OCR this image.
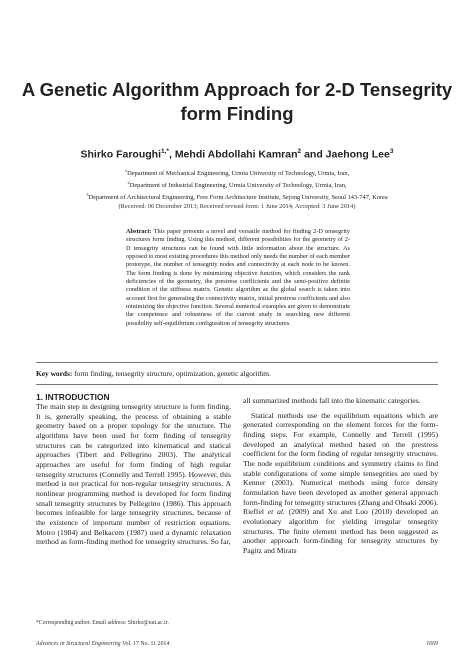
A Genetic Algorithm Approach for 2-D Tensegrity
form Finding
Shirko Faroughi$^{1,*}$, Mehdi Abdollahi Kamran$^2$ and Jaehong Lee$^3$
$^1$Department of Mechanical Engineering, Urmia University of Technology, Urmia, Iran,
$^2$Department of Industrial Engineering, Urmia University of Technology, Urmia, Iran,
$^3$Department of Architectural Engineering, Free Form Architecture Institute, Sejong University, Seoul 143-747, Korea
(Received: 06 December 2013; Received revised form: 1 June 2014; Accepted: 3 June 2014)
Abstract: This paper presents a novel and versatile method for finding 2-D tensegrity structures form finding. Using this method, different possibilities for the geometry of 2-D tensegrity structures can be found with little information about the structure. As opposed to most existing procedures this method only needs the number of each member prototype, the number of tensegrity nodes and connectivity at each node to be known. The form finding is done by minimizing objective function, which considers the rank deficiencies of the geometry, the prestress coefficients and the semi-positive definite condition of the stiffness matrix. Genetic algorithm as the global search is taken into account first for generating the connectivity matrix, initial prestress coefficients and also minimizing the objective function. Several numerical examples are given to demonstrate the competence and robustness of the current study in searching new different possibility self-equilibrium configuration of tensegrity structures.
Key words: form finding, tensegrity structure, optimization, genetic algorithm.
1. INTRODUCTION

The main step in designing tensegrity structure is form finding. It is, generally speaking, the process of obtaining a stable geometry based on a proper topology for the structure. The algorithms have been used for form finding of tensegrity structures can be categorized into kinematical and statical approaches (Tibert and Pellegrino 2003). The analytical approaches are useful for form finding of high regular tensegrity structures (Connelly and Terrell 1995). However, this method is not practical for non-regular tensegrity structures. A nonlinear programming method is developed for form finding small tensegrity structures by Pellegrino (1986). This approach becomes infeasible for large tensegrity structures, because of the existence of important number of restriction equations. Motro (1984) and Belkacem (1987) used a dynamic relaxation method as form-finding method for tensegrity structures. So far,

all summarized methods fall into the kinematic categories.

Statical methods use the equilibrium equations which are generated corresponding on the element forces for the form- finding steps. For example, Connelly and Terrell (1995) developed an analytical method based on the prestress coefficient for the form finding of regular tensegrity structures. The node equilibrium conditions and symmetry claims to find stable configurations of some simple tensegrities are used by Kenner (2003). Numerical methods using force density formulation have been developed as another general approach form-finding for tensegrity structures (Zhang and Ohsaki 2006). Rieffel et al. (2009) and Xu and Luo (2010) developed an evolutionary algorithm for yielding irregular tensegrity structures. The finite element method has been suggested as another approach form-finding for tensegrity structures by Pagitz and Mirats

*Corresponding author. Email address: Shirko@uut.ac.ir.
Advances in Structural Engineering Vol. 17 No. 11 2014	1669
